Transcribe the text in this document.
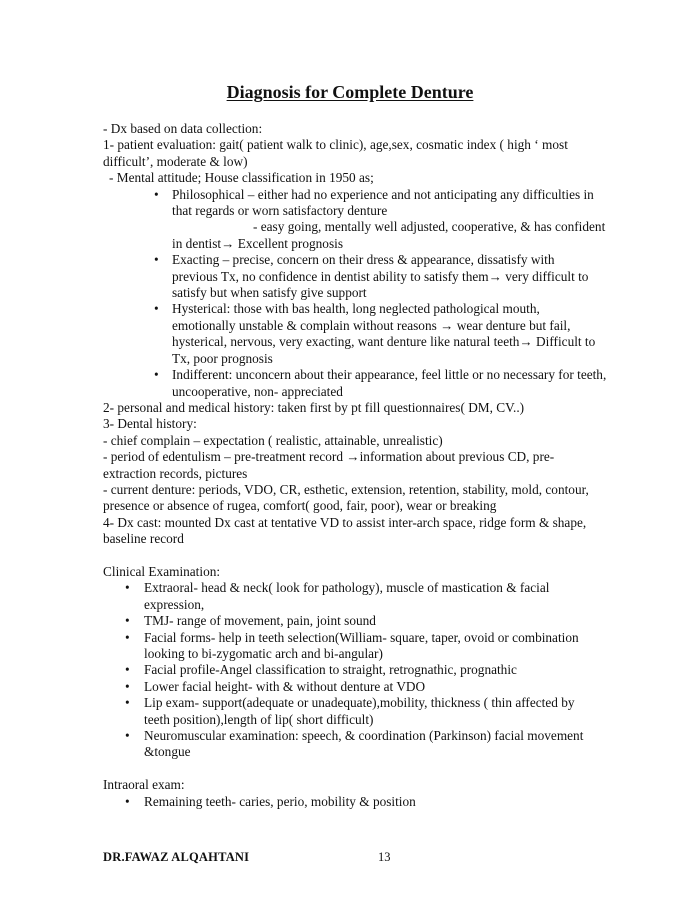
Diagnosis for Complete Denture

- Dx based on data collection:

1- patient evaluation: gait( patient walk to clinic), age,sex, cosmatic index ( high ‘ most

difficult’, moderate & low)

- Mental attitude; House classification in 1950 as;

• Philosophical – either had no experience and not anticipating any difficulties in

that regards or worn satisfactory denture

- easy going, mentally well adjusted, cooperative, & has confident

in dentist→ Excellent prognosis

• Exacting – precise, concern on their dress & appearance, dissatisfy with

previous Tx, no confidence in dentist ability to satisfy them→ very difficult to

satisfy but when satisfy give support

• Hysterical: those with bas health, long neglected pathological mouth,

emotionally unstable & complain without reasons → wear denture but fail,

hysterical, nervous, very exacting, want denture like natural teeth→ Difficult to

Tx, poor prognosis

• Indifferent: unconcern about their appearance, feel little or no necessary for teeth,

uncooperative, non- appreciated

2- personal and medical history: taken first by pt fill questionnaires( DM, CV..)

3- Dental history:

- chief complain – expectation ( realistic, attainable, unrealistic)

- period of edentulism – pre-treatment record →information about previous CD, pre-

extraction records, pictures

- current denture: periods, VDO, CR, esthetic, extension, retention, stability, mold, contour,

presence or absence of rugea, comfort( good, fair, poor), wear or breaking

4- Dx cast: mounted Dx cast at tentative VD to assist inter-arch space, ridge form & shape,

baseline record

Clinical Examination:

• Extraoral- head & neck( look for pathology), muscle of mastication & facial

expression,

• TMJ- range of movement, pain, joint sound

• Facial forms- help in teeth selection(William- square, taper, ovoid or combination

looking to bi-zygomatic arch and bi-angular)

• Facial profile-Angel classification to straight, retrognathic, prognathic

• Lower facial height- with & without denture at VDO

• Lip exam- support(adequate or unadequate),mobility, thickness ( thin affected by

teeth position),length of lip( short difficult)

• Neuromuscular examination: speech, & coordination (Parkinson) facial movement

&tongue

Intraoral exam:

• Remaining teeth- caries, perio, mobility & position

DR.FAWAZ ALQAHTANI	13
